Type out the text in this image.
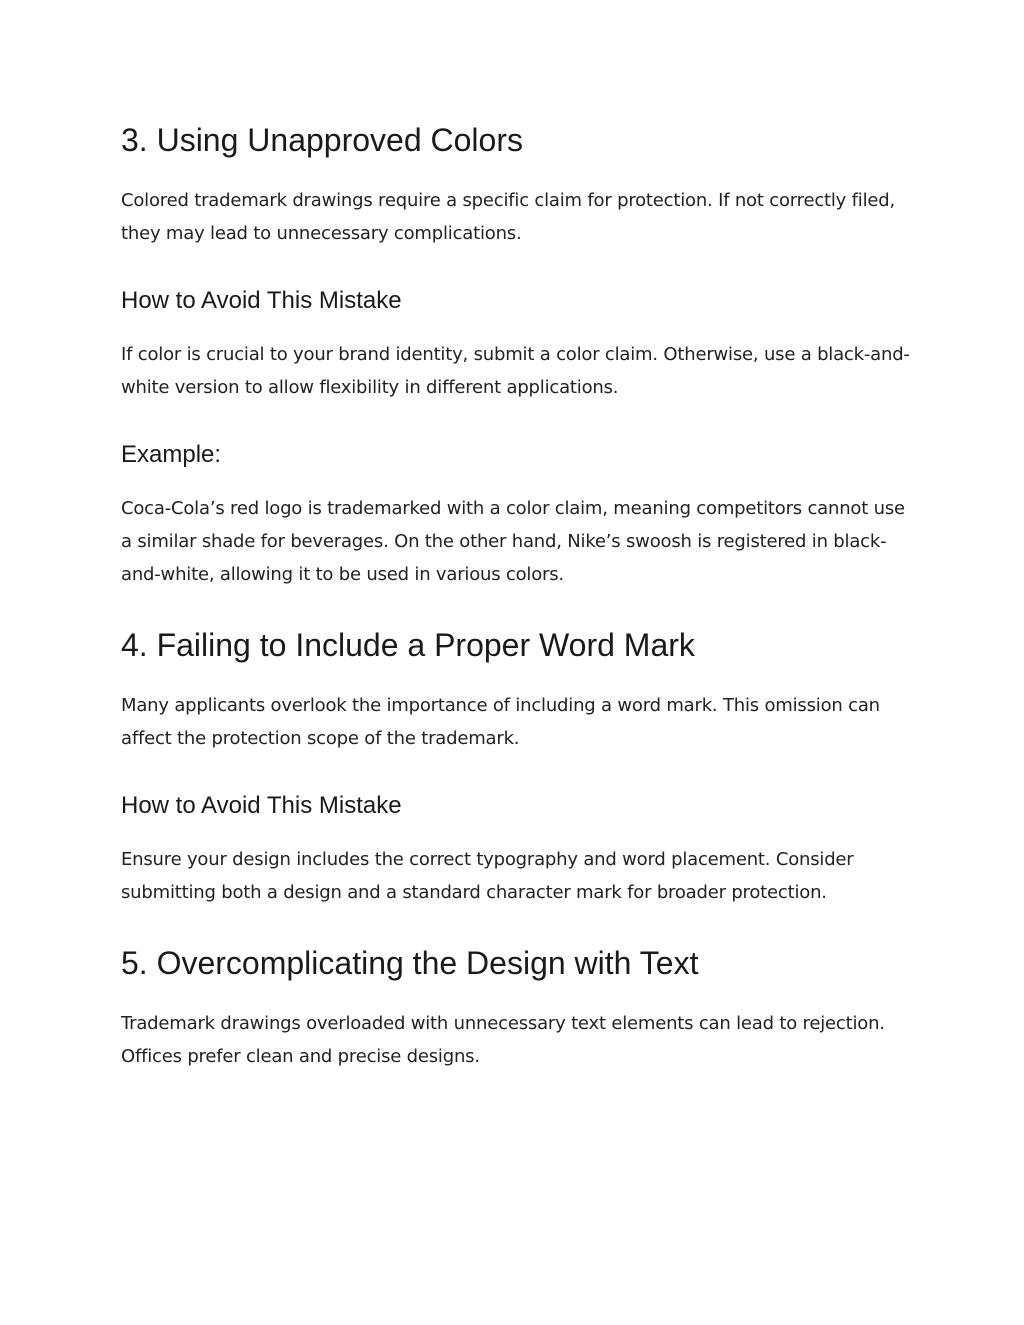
3. Using Unapproved Colors

Colored trademark drawings require a specific claim for protection. If not correctly filed, they may lead to unnecessary complications.

How to Avoid This Mistake

If color is crucial to your brand identity, submit a color claim. Otherwise, use a black-and-white version to allow flexibility in different applications.

Example:

Coca-Cola’s red logo is trademarked with a color claim, meaning competitors cannot use a similar shade for beverages. On the other hand, Nike’s swoosh is registered in black-and-white, allowing it to be used in various colors.

4. Failing to Include a Proper Word Mark

Many applicants overlook the importance of including a word mark. This omission can affect the protection scope of the trademark.

How to Avoid This Mistake

Ensure your design includes the correct typography and word placement. Consider submitting both a design and a standard character mark for broader protection.

5. Overcomplicating the Design with Text

Trademark drawings overloaded with unnecessary text elements can lead to rejection. Offices prefer clean and precise designs.
